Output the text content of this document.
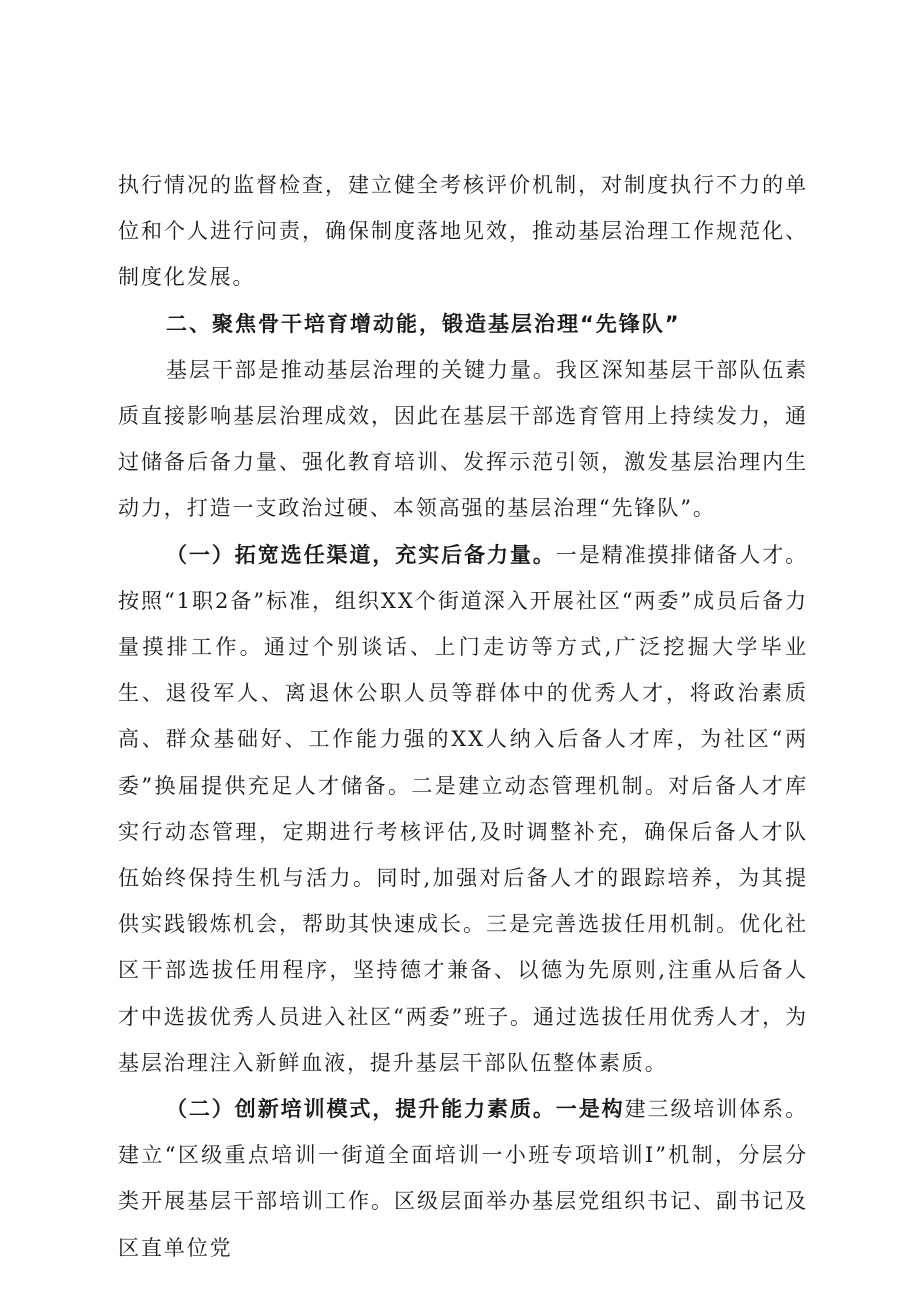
执行情况的监督检查，建立健全考核评价机制，对制度执行不力的单位和个人进行问责，确保制度落地见效，推动基层治理工作规范化、制度化发展。

二、聚焦骨干培育增动能，锻造基层治理“先锋队”

基层干部是推动基层治理的关键力量。我区深知基层干部队伍素质直接影响基层治理成效，因此在基层干部选育管用上持续发力，通过储备后备力量、强化教育培训、发挥示范引领，激发基层治理内生动力，打造一支政治过硬、本领高强的基层治理“先锋队”。

（一）拓宽选任渠道，充实后备力量。一是精准摸排储备人才。按照“1职2备”标准，组织XX个街道深入开展社区“两委”成员后备力量摸排工作。通过个别谈话、上门走访等方式,广泛挖掘大学毕业生、退役军人、离退休公职人员等群体中的优秀人才，将政治素质高、群众基础好、工作能力强的XX人纳入后备人才库，为社区“两委”换届提供充足人才储备。二是建立动态管理机制。对后备人才库实行动态管理，定期进行考核评估,及时调整补充，确保后备人才队伍始终保持生机与活力。同时,加强对后备人才的跟踪培养，为其提供实践锻炼机会，帮助其快速成长。三是完善选拔任用机制。优化社区干部选拔任用程序，坚持德才兼备、以德为先原则,注重从后备人才中选拔优秀人员进入社区“两委”班子。通过选拔任用优秀人才，为基层治理注入新鲜血液，提升基层干部队伍整体素质。

（二）创新培训模式，提升能力素质。一是构建三级培训体系。建立“区级重点培训一街道全面培训一小班专项培训I”机制，分层分类开展基层干部培训工作。区级层面举办基层党组织书记、副书记及区直单位党
